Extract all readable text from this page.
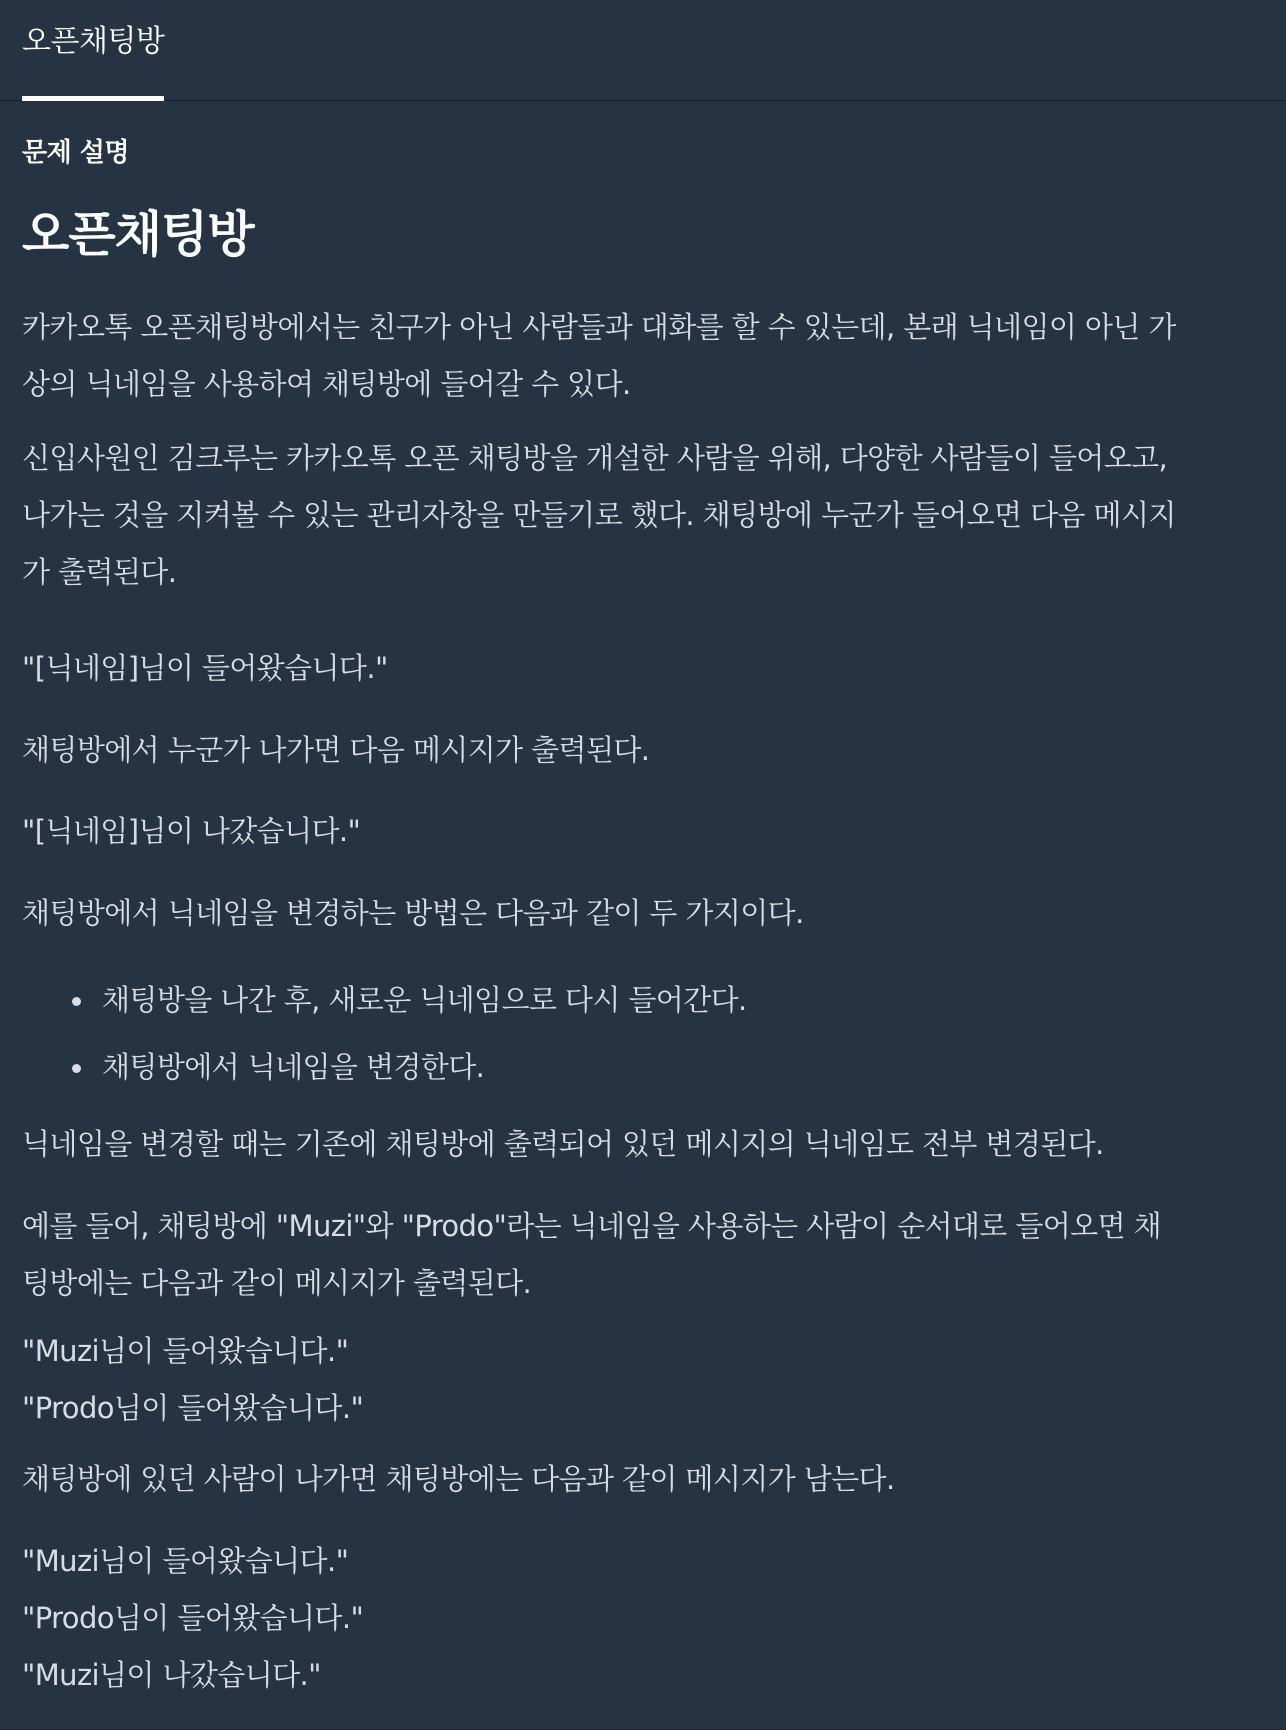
오픈채팅방
문제 설명
오픈채팅방

카카오톡 오픈채팅방에서는 친구가 아닌 사람들과 대화를 할 수 있는데, 본래 닉네임이 아닌 가

상의 닉네임을 사용하여 채팅방에 들어갈 수 있다.

신입사원인 김크루는 카카오톡 오픈 채팅방을 개설한 사람을 위해, 다양한 사람들이 들어오고,

나가는 것을 지켜볼 수 있는 관리자창을 만들기로 했다. 채팅방에 누군가 들어오면 다음 메시지

가 출력된다.

"[닉네임]님이 들어왔습니다."

채팅방에서 누군가 나가면 다음 메시지가 출력된다.

"[닉네임]님이 나갔습니다."

채팅방에서 닉네임을 변경하는 방법은 다음과 같이 두 가지이다.

채팅방을 나간 후, 새로운 닉네임으로 다시 들어간다.
채팅방에서 닉네임을 변경한다.

닉네임을 변경할 때는 기존에 채팅방에 출력되어 있던 메시지의 닉네임도 전부 변경된다.

예를 들어, 채팅방에 "Muzi"와 "Prodo"라는 닉네임을 사용하는 사람이 순서대로 들어오면 채

팅방에는 다음과 같이 메시지가 출력된다.

"Muzi님이 들어왔습니다."

"Prodo님이 들어왔습니다."

채팅방에 있던 사람이 나가면 채팅방에는 다음과 같이 메시지가 남는다.

"Muzi님이 들어왔습니다."

"Prodo님이 들어왔습니다."

"Muzi님이 나갔습니다."
